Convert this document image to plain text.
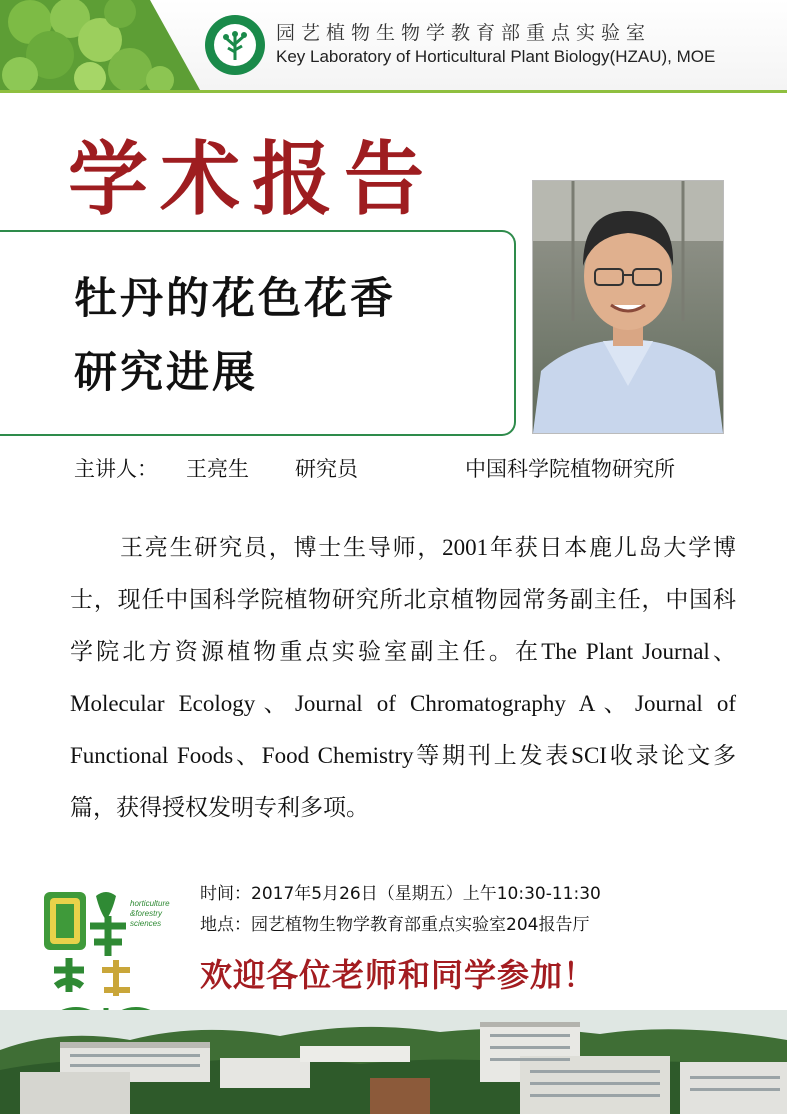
园艺植物生物学教育部重点实验室
Key Laboratory of Horticultural Plant Biology(HZAU), MOE
学术报告
牡丹的花色花香
研究进展
主讲人： 王亮生 研究员	中国科学院植物研究所

王亮生研究员，博士生导师，2001年获日本鹿儿岛大学博士，现任中国科学院植物研究所北京植物园常务副主任，中国科学院北方资源植物重点实验室副主任。在The Plant Journal、Molecular Ecology、Journal of Chromatography A、Journal of Functional Foods、Food Chemistry等期刊上发表SCI收录论文多篇，获得授权发明专利多项。

horticulture
&forestry
sciences
时间：2017年5月26日（星期五）上午10:30-11:30
地点：园艺植物生物学教育部重点实验室204报告厅
欢迎各位老师和同学参加！
